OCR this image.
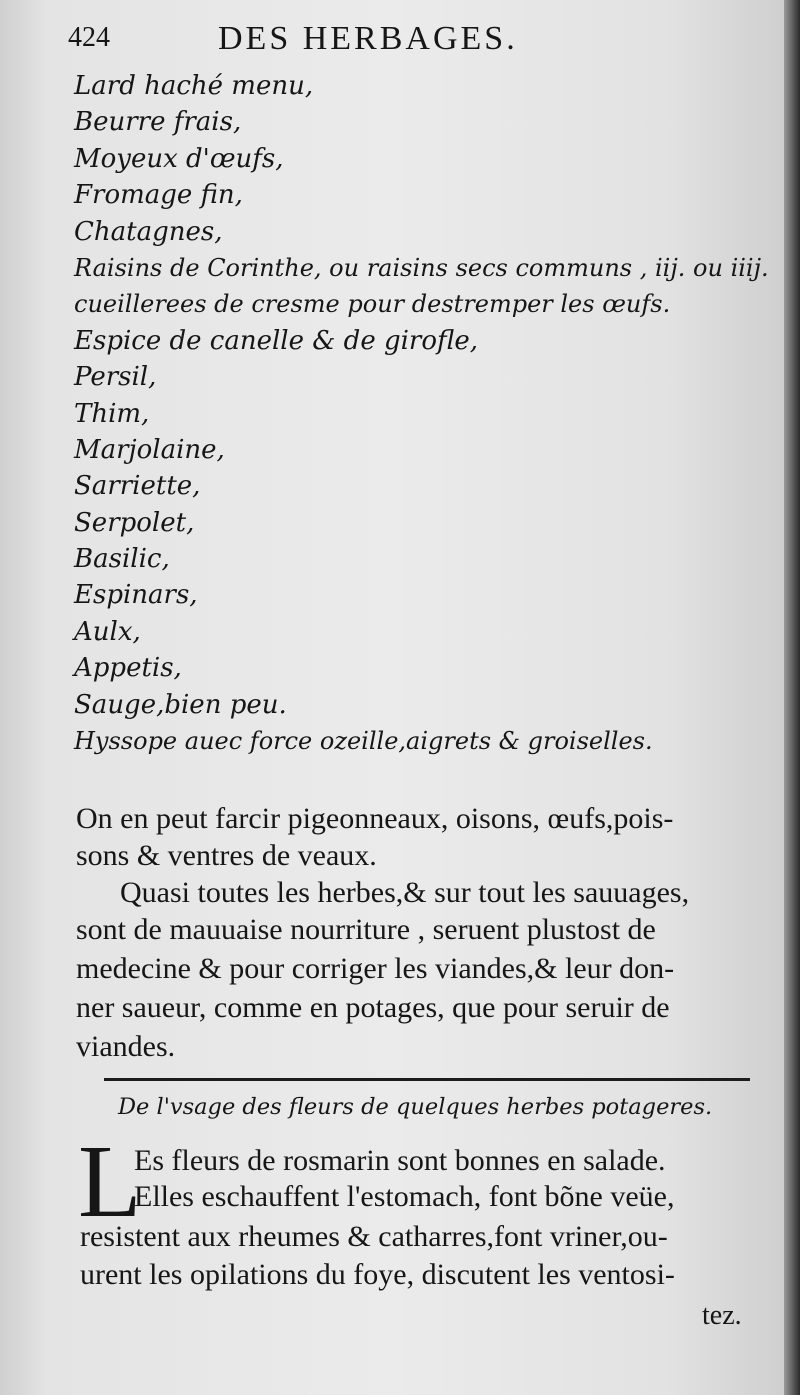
424	DES HERBAGES.
Lard haché menu,
Beurre frais,
Moyeux d'œufs,
Fromage fin,
Chatagnes,
Raisins de Corinthe, ou raisins secs communs , iij. ou iiij.
cueillerees de cresme pour destremper les œufs.
Espice de canelle & de girofle,
Persil,
Thim,
Marjolaine,
Sarriette,
Serpolet,
Basilic,
Espinars,
Aulx,
Appetis,
Sauge,bien peu.
Hyssope auec force ozeille,aigrets & groiselles.
On en peut farcir pigeonneaux, oisons, œufs,pois-
sons & ventres de veaux.
Quasi toutes les herbes,& sur tout les sauuages,
sont de mauuaise nourriture , seruent plustost de
medecine & pour corriger les viandes,& leur don-
ner saueur, comme en potages, que pour seruir de
viandes.
De l'vsage des fleurs de quelques herbes potageres.
L
Es fleurs de rosmarin sont bonnes en salade.
Elles eschauffent l'estomach, font bõne veüe,
resistent aux rheumes & catharres,font vriner,ou-
urent les opilations du foye, discutent les ventosi-
tez.
